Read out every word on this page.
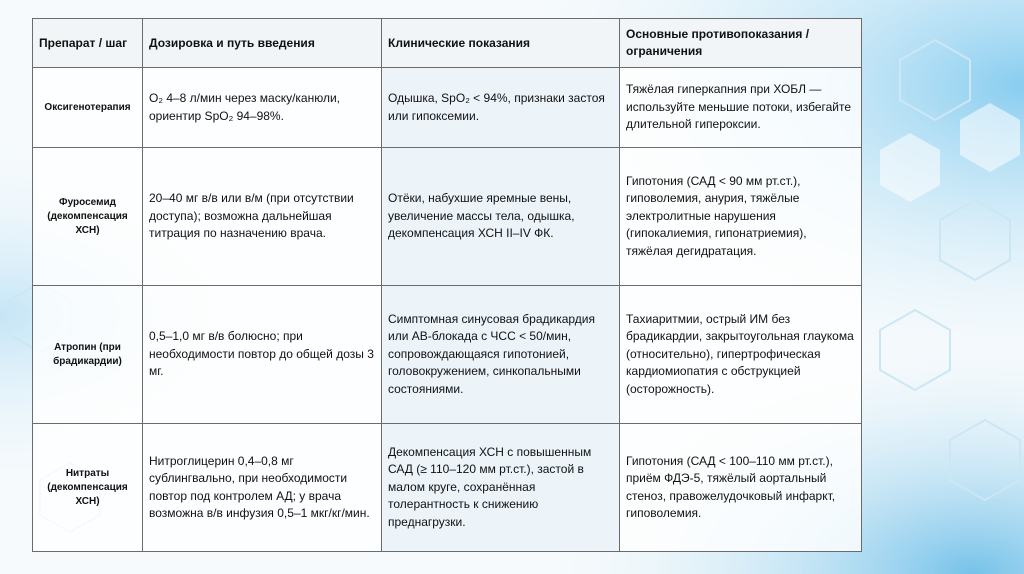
Препарат / шаг	Дозировка и путь введения	Клинические показания	Основные противопоказания / ограничения
Оксигенотерапия	O₂ 4–8 л/мин через маску/канюли, ориентир SpO₂ 94–98%.	Одышка, SpO₂ < 94%, признаки застоя или гипоксемии.	Тяжёлая гиперкапния при ХОБЛ — используйте меньшие потоки, избегайте длительной гипероксии.
Фуросемид (декомпенсация ХСН)	20–40 мг в/в или в/м (при отсутствии доступа); возможна дальнейшая титрация по назначению врача.	Отёки, набухшие яремные вены, увеличение массы тела, одышка, декомпенсация ХСН II–IV ФК.	Гипотония (САД < 90 мм рт.ст.), гиповолемия, анурия, тяжёлые электролитные нарушения (гипокалиемия, гипонатриемия), тяжёлая дегидратация.
Атропин (при брадикардии)	0,5–1,0 мг в/в болюсно; при необходимости повтор до общей дозы 3 мг.	Симптомная синусовая брадикардия или АВ-блокада с ЧСС < 50/мин, сопровождающаяся гипотонией, головокружением, синкопальными состояниями.	Тахиаритмии, острый ИМ без брадикардии, закрытоугольная глаукома (относительно), гипертрофическая кардиомиопатия с обструкцией (осторожность).
Нитраты (декомпенсация ХСН)	Нитроглицерин 0,4–0,8 мг сублингвально, при необходимости повтор под контролем АД; у врача возможна в/в инфузия 0,5–1 мкг/кг/мин.	Декомпенсация ХСН с повышенным САД (≥ 110–120 мм рт.ст.), застой в малом круге, сохранённая толерантность к снижению преднагрузки.	Гипотония (САД < 100–110 мм рт.ст.), приём ФДЭ-5, тяжёлый аортальный стеноз, правожелудочковый инфаркт, гиповолемия.
